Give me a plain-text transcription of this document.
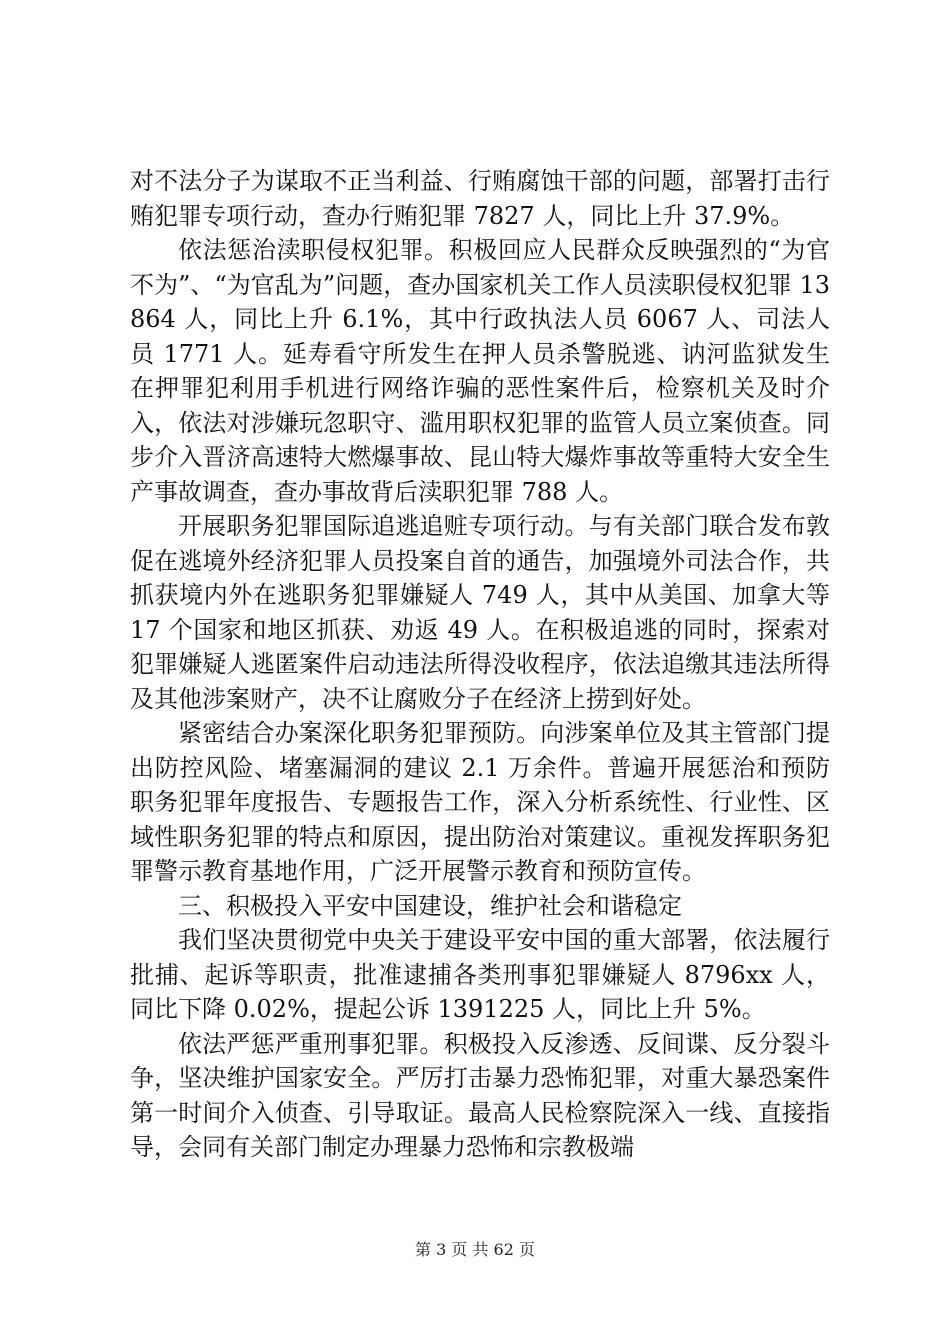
对不法分子为谋取不正当利益、行贿腐蚀干部的问题，部署打击行贿犯罪专项行动，查办行贿犯罪 7827 人，同比上升 37.9%。

依法惩治渎职侵权犯罪。积极回应人民群众反映强烈的“为官不为”、“为官乱为”问题，查办国家机关工作人员渎职侵权犯罪 13864 人，同比上升 6.1%，其中行政执法人员 6067 人、司法人员 1771 人。延寿看守所发生在押人员杀警脱逃、讷河监狱发生在押罪犯利用手机进行网络诈骗的恶性案件后，检察机关及时介入，依法对涉嫌玩忽职守、滥用职权犯罪的监管人员立案侦查。同步介入晋济高速特大燃爆事故、昆山特大爆炸事故等重特大安全生产事故调查，查办事故背后渎职犯罪 788 人。

开展职务犯罪国际追逃追赃专项行动。与有关部门联合发布敦促在逃境外经济犯罪人员投案自首的通告，加强境外司法合作，共抓获境内外在逃职务犯罪嫌疑人 749 人，其中从美国、加拿大等 17 个国家和地区抓获、劝返 49 人。在积极追逃的同时，探索对犯罪嫌疑人逃匿案件启动违法所得没收程序，依法追缴其违法所得及其他涉案财产，决不让腐败分子在经济上捞到好处。

紧密结合办案深化职务犯罪预防。向涉案单位及其主管部门提出防控风险、堵塞漏洞的建议 2.1 万余件。普遍开展惩治和预防职务犯罪年度报告、专题报告工作，深入分析系统性、行业性、区域性职务犯罪的特点和原因，提出防治对策建议。重视发挥职务犯罪警示教育基地作用，广泛开展警示教育和预防宣传。

三、积极投入平安中国建设，维护社会和谐稳定

我们坚决贯彻党中央关于建设平安中国的重大部署，依法履行批捕、起诉等职责，批准逮捕各类刑事犯罪嫌疑人 8796xx 人，同比下降 0.02%，提起公诉 1391225 人，同比上升 5%。

依法严惩严重刑事犯罪。积极投入反渗透、反间谍、反分裂斗争，坚决维护国家安全。严厉打击暴力恐怖犯罪，对重大暴恐案件第一时间介入侦查、引导取证。最高人民检察院深入一线、直接指导，会同有关部门制定办理暴力恐怖和宗教极端

第 3 页 共 62 页
